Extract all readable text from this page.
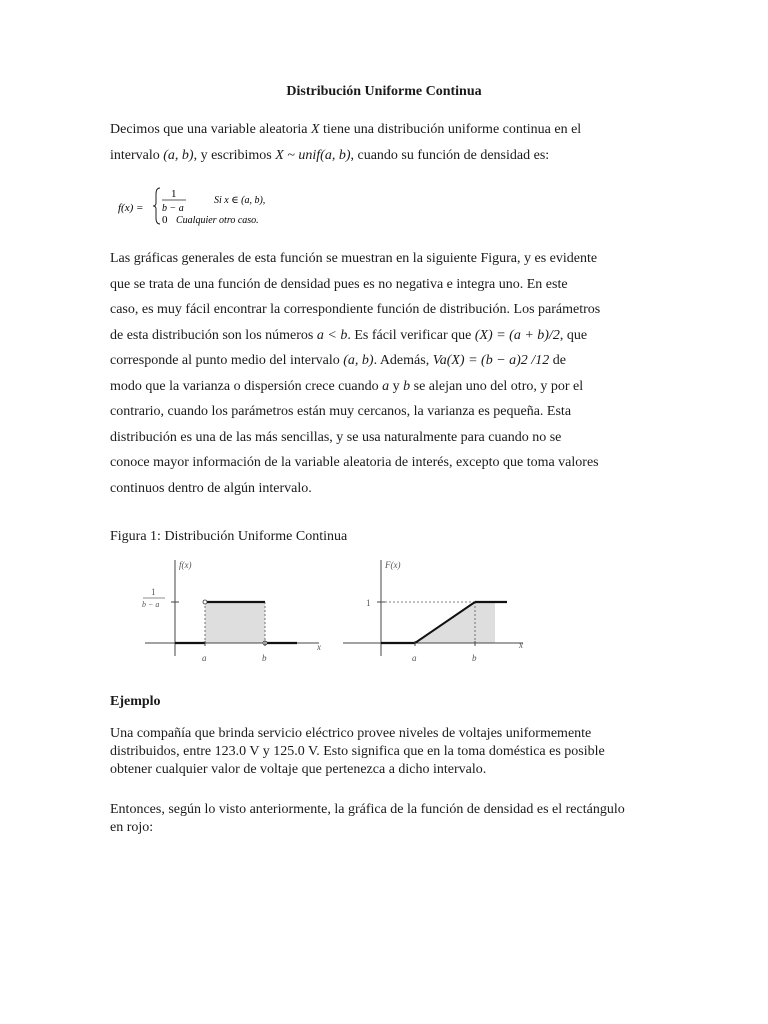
Distribución Uniforme Continua

Decimos que una variable aleatoria X tiene una distribución uniforme continua en el
intervalo (a, b), y escribimos X ~ unif(a, b), cuando su función de densidad es:

f(x) =
1
b − a
0
Si x ∈ (a, b),
Cualquier otro caso.

Las gráficas generales de esta función se muestran en la siguiente Figura, y es evidente
que se trata de una función de densidad pues es no negativa e integra uno. En este
caso, es muy fácil encontrar la correspondiente función de distribución. Los parámetros
de esta distribución son los números a < b. Es fácil verificar que (X) = (a + b)/2, que
corresponde al punto medio del intervalo (a, b). Además, Va(X) = (b − a)2 /12 de
modo que la varianza o dispersión crece cuando a y b se alejan uno del otro, y por el
contrario, cuando los parámetros están muy cercanos, la varianza es pequeña. Esta
distribución es una de las más sencillas, y se usa naturalmente para cuando no se
conoce mayor información de la variable aleatoria de interés, excepto que toma valores
continuos dentro de algún intervalo.

Figura 1: Distribución Uniforme Continua

x
f(x)
1
b − a
a	b
x
F(x)
1
a	b
Ejemplo

Una compañía que brinda servicio eléctrico provee niveles de voltajes uniformemente distribuidos, entre 123.0 V y 125.0 V. Esto significa que en la toma doméstica es posible obtener cualquier valor de voltaje que pertenezca a dicho intervalo.

Entonces, según lo visto anteriormente, la gráfica de la función de densidad es el rectángulo en rojo:
